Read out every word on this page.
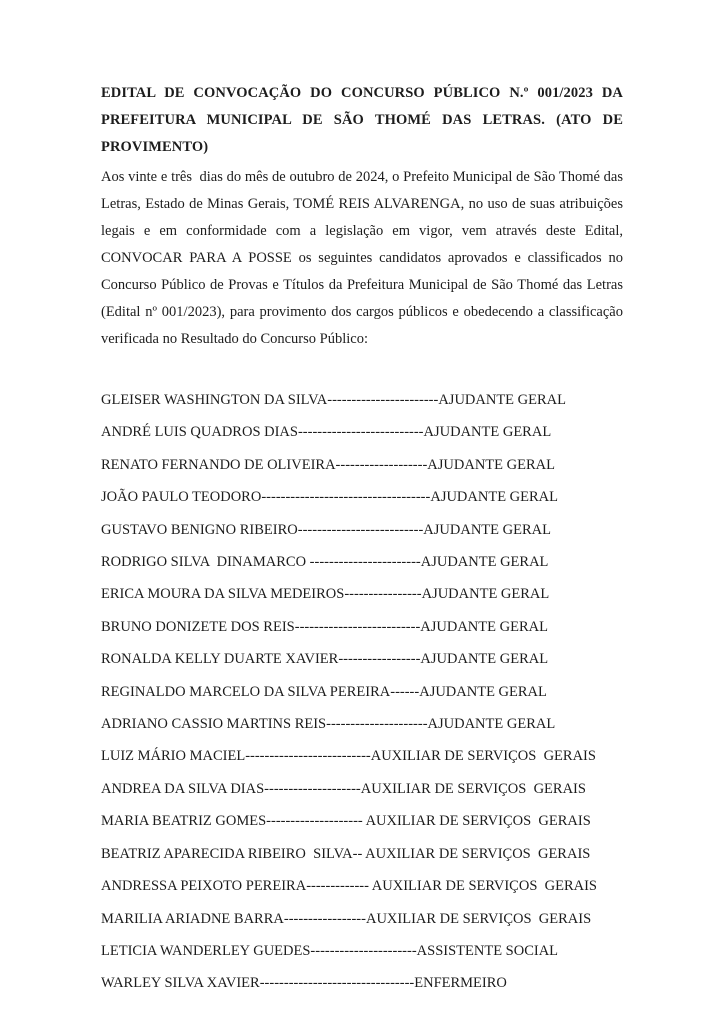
EDITAL DE CONVOCAÇÃO DO CONCURSO PÚBLICO N.º 001/2023 DA PREFEITURA MUNICIPAL DE SÃO THOMÉ DAS LETRAS. (ATO DE PROVIMENTO)

Aos vinte e três  dias do mês de outubro de 2024, o Prefeito Municipal de São Thomé das Letras, Estado de Minas Gerais, TOMÉ REIS ALVARENGA, no uso de suas atribuições legais e em conformidade com a legislação em vigor, vem através deste Edital, CONVOCAR PARA A POSSE os seguintes candidatos aprovados e classificados no Concurso Público de Provas e Títulos da Prefeitura Municipal de São Thomé das Letras (Edital nº 001/2023), para provimento dos cargos públicos e obedecendo a classificação verificada no Resultado do Concurso Público:

GLEISER WASHINGTON DA SILVA-----------------------AJUDANTE GERAL
ANDRÉ LUIS QUADROS DIAS--------------------------AJUDANTE GERAL
RENATO FERNANDO DE OLIVEIRA-------------------AJUDANTE GERAL
JOÃO PAULO TEODORO-----------------------------------AJUDANTE GERAL
GUSTAVO BENIGNO RIBEIRO--------------------------AJUDANTE GERAL
RODRIGO SILVA  DINAMARCO -----------------------AJUDANTE GERAL
ERICA MOURA DA SILVA MEDEIROS----------------AJUDANTE GERAL
BRUNO DONIZETE DOS REIS--------------------------AJUDANTE GERAL
RONALDA KELLY DUARTE XAVIER-----------------AJUDANTE GERAL
REGINALDO MARCELO DA SILVA PEREIRA------AJUDANTE GERAL
ADRIANO CASSIO MARTINS REIS---------------------AJUDANTE GERAL
LUIZ MÁRIO MACIEL--------------------------AUXILIAR DE SERVIÇOS  GERAIS
ANDREA DA SILVA DIAS--------------------AUXILIAR DE SERVIÇOS  GERAIS
MARIA BEATRIZ GOMES-------------------- AUXILIAR DE SERVIÇOS  GERAIS
BEATRIZ APARECIDA RIBEIRO  SILVA-- AUXILIAR DE SERVIÇOS  GERAIS
ANDRESSA PEIXOTO PEREIRA------------- AUXILIAR DE SERVIÇOS  GERAIS
MARILIA ARIADNE BARRA-----------------AUXILIAR DE SERVIÇOS  GERAIS
LETICIA WANDERLEY GUEDES----------------------ASSISTENTE SOCIAL
WARLEY SILVA XAVIER--------------------------------ENFERMEIRO
